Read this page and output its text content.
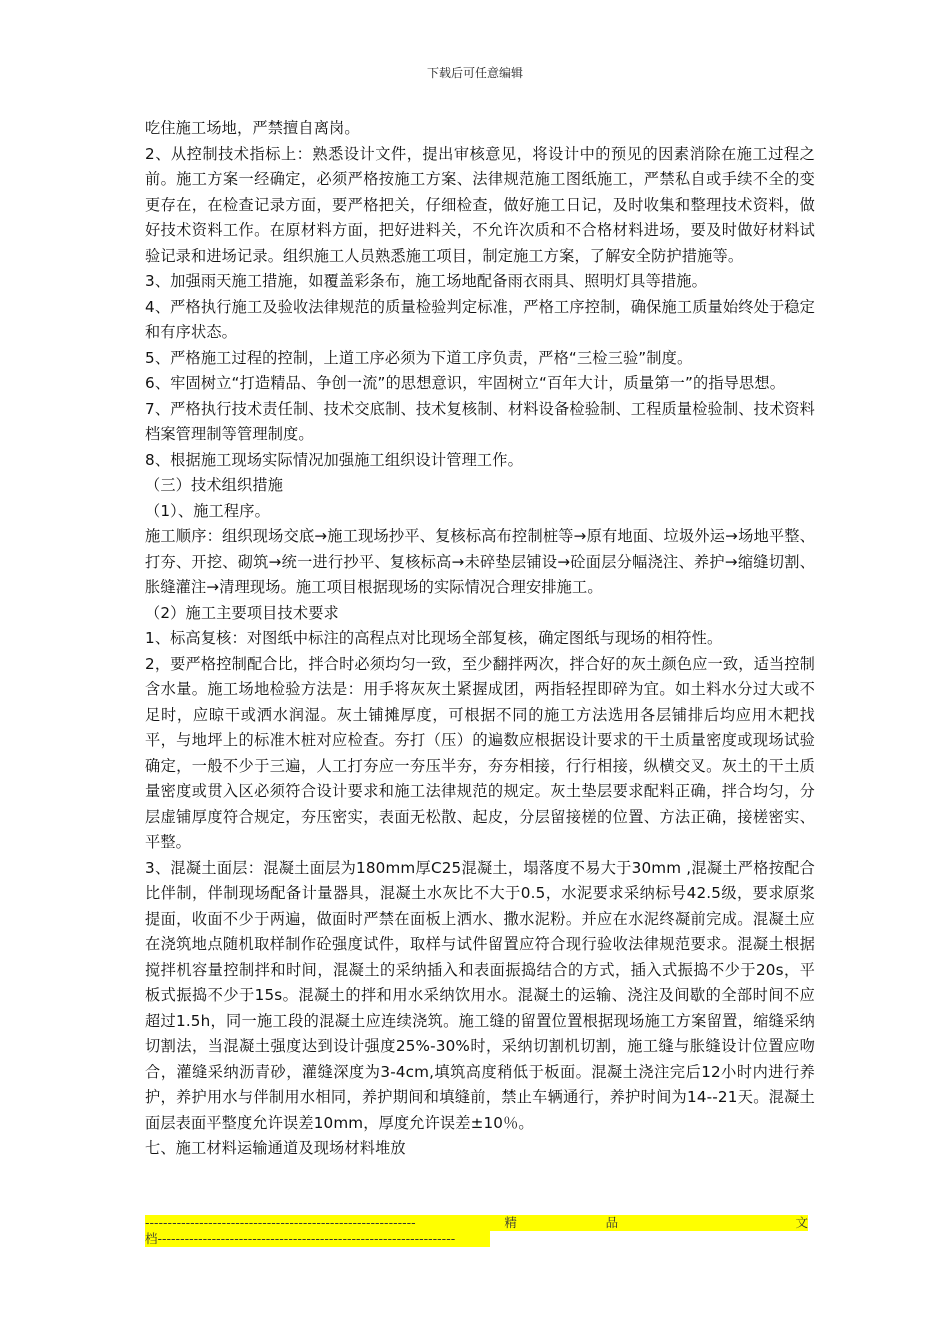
下载后可任意编辑

吃住施工场地，严禁擅自离岗。

2、从控制技术指标上：熟悉设计文件，提出审核意见，将设计中的预见的因素消除在施工过程之前。施工方案一经确定，必须严格按施工方案、法律规范施工图纸施工，严禁私自或手续不全的变更存在，在检查记录方面，要严格把关，仔细检查，做好施工日记，及时收集和整理技术资料，做好技术资料工作。在原材料方面，把好进料关，不允许次质和不合格材料进场，要及时做好材料试验记录和进场记录。组织施工人员熟悉施工项目，制定施工方案，了解安全防护措施等。

3、加强雨天施工措施，如覆盖彩条布，施工场地配备雨衣雨具、照明灯具等措施。

4、严格执行施工及验收法律规范的质量检验判定标准，严格工序控制，确保施工质量始终处于稳定和有序状态。

5、严格施工过程的控制，上道工序必须为下道工序负责，严格“三检三验”制度。

6、牢固树立“打造精品、争创一流”的思想意识，牢固树立“百年大计，质量第一”的指导思想。

7、严格执行技术责任制、技术交底制、技术复核制、材料设备检验制、工程质量检验制、技术资料档案管理制等管理制度。

8、根据施工现场实际情况加强施工组织设计管理工作。

（三）技术组织措施

（1）、施工程序。

施工顺序：组织现场交底→施工现场抄平、复核标高布控制桩等→原有地面、垃圾外运→场地平整、打夯、开挖、砌筑→统一进行抄平、复核标高→未碎垫层铺设→砼面层分幅浇注、养护→缩缝切割、胀缝灌注→清理现场。施工项目根据现场的实际情况合理安排施工。

（2）施工主要项目技术要求

1、标高复核：对图纸中标注的高程点对比现场全部复核，确定图纸与现场的相符性。

2，要严格控制配合比，拌合时必须均匀一致，至少翻拌两次，拌合好的灰土颜色应一致，适当控制含水量。施工场地检验方法是：用手将灰灰土紧握成团，两指轻捏即碎为宜。如土料水分过大或不足时，应晾干或洒水润湿。灰土铺摊厚度，可根据不同的施工方法选用各层铺排后均应用木耙找平，与地坪上的标准木桩对应检查。夯打（压）的遍数应根据设计要求的干土质量密度或现场试验确定，一般不少于三遍，人工打夯应一夯压半夯，夯夯相接，行行相接，纵横交叉。灰土的干土质量密度或贯入区必须符合设计要求和施工法律规范的规定。灰土垫层要求配料正确，拌合均匀，分层虚铺厚度符合规定，夯压密实，表面无松散、起皮，分层留接槎的位置、方法正确，接槎密实、平整。

3、混凝土面层：混凝土面层为180mm厚C25混凝土，塌落度不易大于30mm ,混凝土严格按配合比伴制，伴制现场配备计量器具，混凝土水灰比不大于0.5，水泥要求采纳标号42.5级，要求原浆提面，收面不少于两遍，做面时严禁在面板上洒水、撒水泥粉。并应在水泥终凝前完成。混凝土应在浇筑地点随机取样制作砼强度试件，取样与试件留置应符合现行验收法律规范要求。混凝土根据搅拌机容量控制拌和时间，混凝土的采纳插入和表面振捣结合的方式，插入式振捣不少于20s，平板式振捣不少于15s。混凝土的拌和用水采纳饮用水。混凝土的运输、浇注及间歇的全部时间不应超过1.5h，同一施工段的混凝土应连续浇筑。施工缝的留置位置根据现场施工方案留置，缩缝采纳切割法，当混凝土强度达到设计强度25%-30%时，采纳切割机切割，施工缝与胀缝设计位置应吻合，灌缝采纳沥青砂，灌缝深度为3-4cm,填筑高度稍低于板面。混凝土浇注完后12小时内进行养护，养护用水与伴制用水相同，养护期间和填缝前，禁止车辆通行，养护时间为14--21天。混凝土面层表面平整度允许误差10mm，厚度允许误差±10％。

七、施工材料运输通道及现场材料堆放

------------------------------------------------------------	精	品	文
档------------------------------------------------------------------
